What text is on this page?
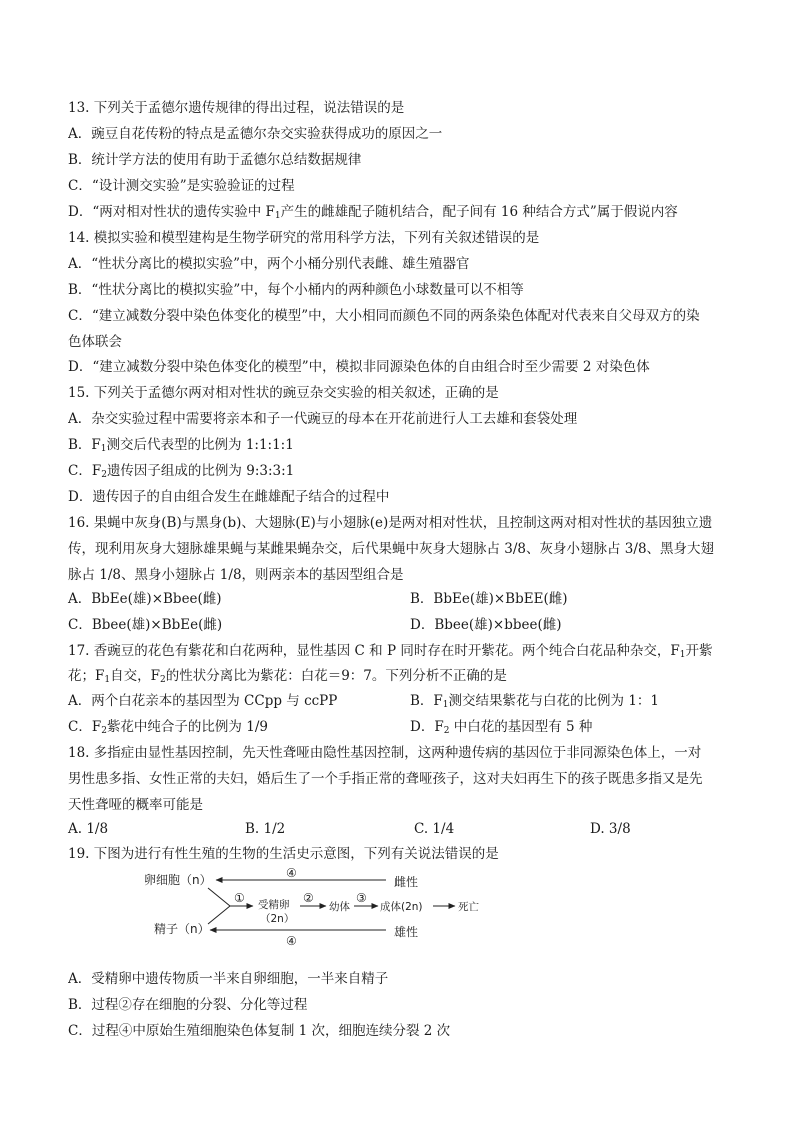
13. 下列关于孟德尔遗传规律的得出过程，说法错误的是
A．豌豆自花传粉的特点是孟德尔杂交实验获得成功的原因之一
B．统计学方法的使用有助于孟德尔总结数据规律
C．“设计测交实验”是实验验证的过程
D．“两对相对性状的遗传实验中 $F_1$产生的雌雄配子随机结合，配子间有 16 种结合方式”属于假说内容
14. 模拟实验和模型建构是生物学研究的常用科学方法，下列有关叙述错误的是
A．“性状分离比的模拟实验”中，两个小桶分别代表雌、雄生殖器官
B．“性状分离比的模拟实验”中，每个小桶内的两种颜色小球数量可以不相等
C．“建立减数分裂中染色体变化的模型”中，大小相同而颜色不同的两条染色体配对代表来自父母双方的染
色体联会
D．“建立减数分裂中染色体变化的模型”中，模拟非同源染色体的自由组合时至少需要 2 对染色体
15. 下列关于孟德尔两对相对性状的豌豆杂交实验的相关叙述，正确的是
A．杂交实验过程中需要将亲本和子一代豌豆的母本在开花前进行人工去雄和套袋处理
B．$F_1$测交后代表型的比例为 1:1:1:1
C．$F_2$遗传因子组成的比例为 9:3:3:1
D．遗传因子的自由组合发生在雌雄配子结合的过程中
16. 果蝇中灰身(B)与黑身(b)、大翅脉(E)与小翅脉(e)是两对相对性状，且控制这两对相对性状的基因独立遗
传，现利用灰身大翅脉雄果蝇与某雌果蝇杂交，后代果蝇中灰身大翅脉占 3/8、灰身小翅脉占 3/8、黑身大翅
脉占 1/8、黑身小翅脉占 1/8，则两亲本的基因型组合是
A．BbEe(雄)×Bbee(雌)	B．BbEe(雄)×BbEE(雌)
C．Bbee(雄)×BbEe(雌)	D．Bbee(雄)×bbee(雌)
17. 香豌豆的花色有紫花和白花两种，显性基因 C 和 P 同时存在时开紫花。两个纯合白花品种杂交，$F_1$开紫
花；$F_1$自交，$F_2$的性状分离比为紫花：白花＝9：7。下列分析不正确的是
A．两个白花亲本的基因型为 CCpp 与 ccPP	B．$F_1$测交结果紫花与白花的比例为 1：1
C．$F_2$紫花中纯合子的比例为 1/9	D．$F_2$ 中白花的基因型有 5 种
18. 多指症由显性基因控制，先天性聋哑由隐性基因控制，这两种遗传病的基因位于非同源染色体上，一对
男性患多指、女性正常的夫妇，婚后生了一个手指正常的聋哑孩子，这对夫妇再生下的孩子既患多指又是先
天性聋哑的概率可能是
A. 1/8	B. 1/2	C. 1/4	D. 3/8
19. 下图为进行有性生殖的生物的生活史示意图，下列有关说法错误的是
卵细胞（n）	④
雌性
① 受精卵
（2n）
②
幼体
③
成体(2n)	死亡
精子（n）
④
雄性
A．受精卵中遗传物质一半来自卵细胞，一半来自精子
B．过程②存在细胞的分裂、分化等过程
C．过程④中原始生殖细胞染色体复制 1 次，细胞连续分裂 2 次
